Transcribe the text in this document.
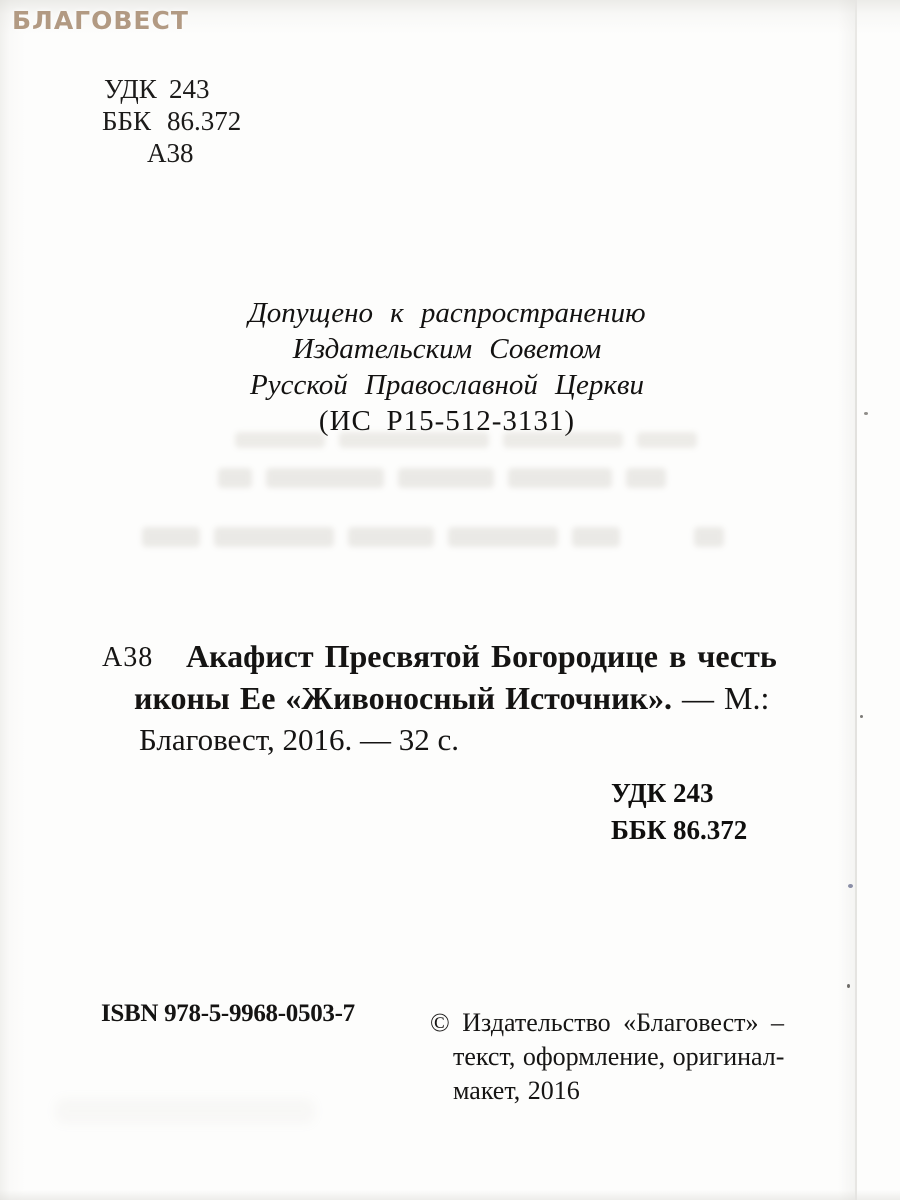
БЛАГОВЕСТ
УДК 243
ББК 86.372
А38
Допущено к распространению
Издательским Советом
Русской Православной Церкви
(ИС Р15-512-3131)
А38 Акафист Пресвятой Богородице в честь
иконы Ее «Живоносный Источник». — М.:
Благовест, 2016. — 32 с.
УДК 243
ББК 86.372
ISBN 978-5-9968-0503-7	© Издательство «Благовест» –
текст, оформление, оригинал-
макет, 2016
